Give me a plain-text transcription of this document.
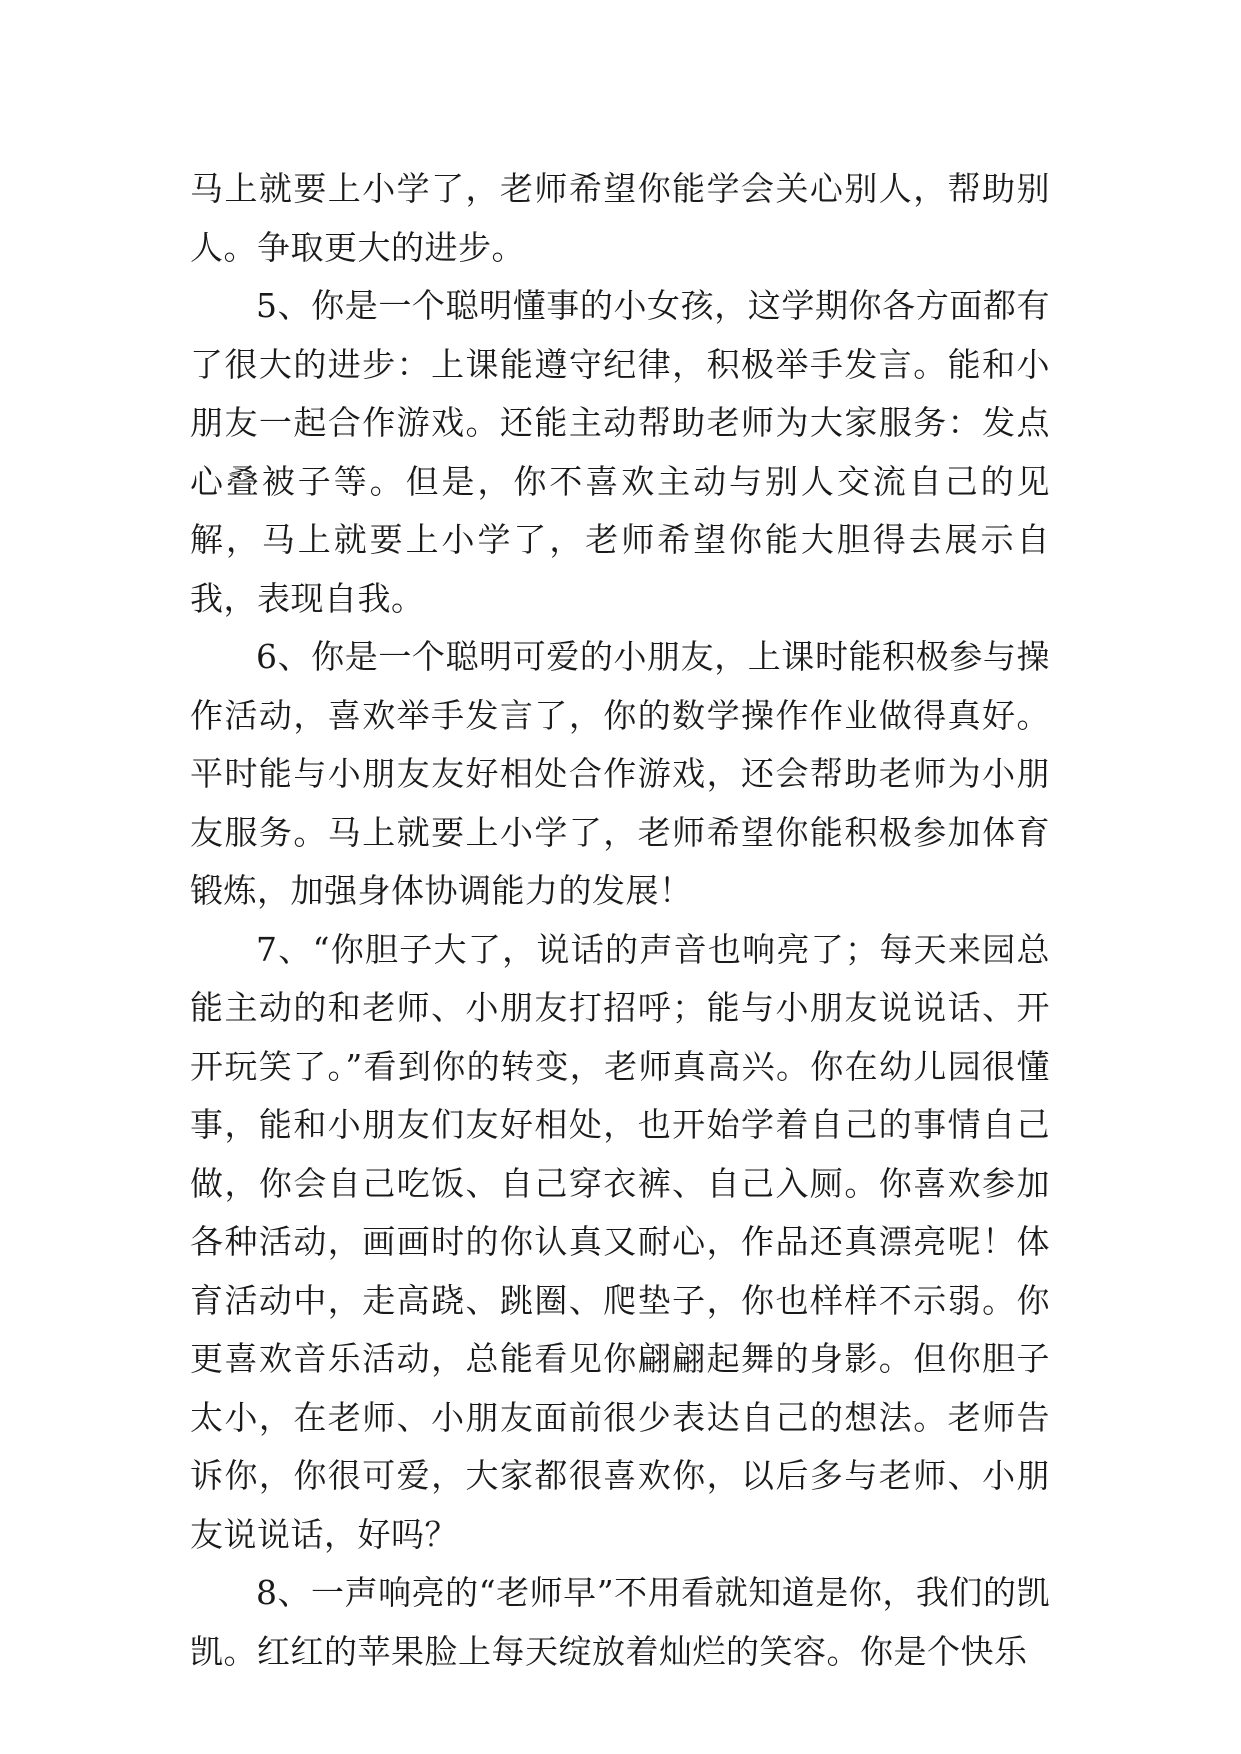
马上就要上小学了，老师希望你能学会关心别人，帮助别人。争取更大的进步。

5、你是一个聪明懂事的小女孩，这学期你各方面都有了很大的进步：上课能遵守纪律，积极举手发言。能和小朋友一起合作游戏。还能主动帮助老师为大家服务：发点心叠被子等。但是，你不喜欢主动与别人交流自己的见解，马上就要上小学了，老师希望你能大胆得去展示自我，表现自我。

6、你是一个聪明可爱的小朋友，上课时能积极参与操作活动，喜欢举手发言了，你的数学操作作业做得真好。平时能与小朋友友好相处合作游戏，还会帮助老师为小朋友服务。马上就要上小学了，老师希望你能积极参加体育锻炼，加强身体协调能力的发展！

7、“你胆子大了，说话的声音也响亮了；每天来园总能主动的和老师、小朋友打招呼；能与小朋友说说话、开开玩笑了。”看到你的转变，老师真高兴。你在幼儿园很懂事，能和小朋友们友好相处，也开始学着自己的事情自己做，你会自己吃饭、自己穿衣裤、自己入厕。你喜欢参加各种活动，画画时的你认真又耐心，作品还真漂亮呢！体育活动中，走高跷、跳圈、爬垫子，你也样样不示弱。你更喜欢音乐活动，总能看见你翩翩起舞的身影。但你胆子太小，在老师、小朋友面前很少表达自己的想法。老师告诉你，你很可爱，大家都很喜欢你，以后多与老师、小朋友说说话，好吗？

8、一声响亮的“老师早”不用看就知道是你，我们的凯凯。红红的苹果脸上每天绽放着灿烂的笑容。你是个快乐
